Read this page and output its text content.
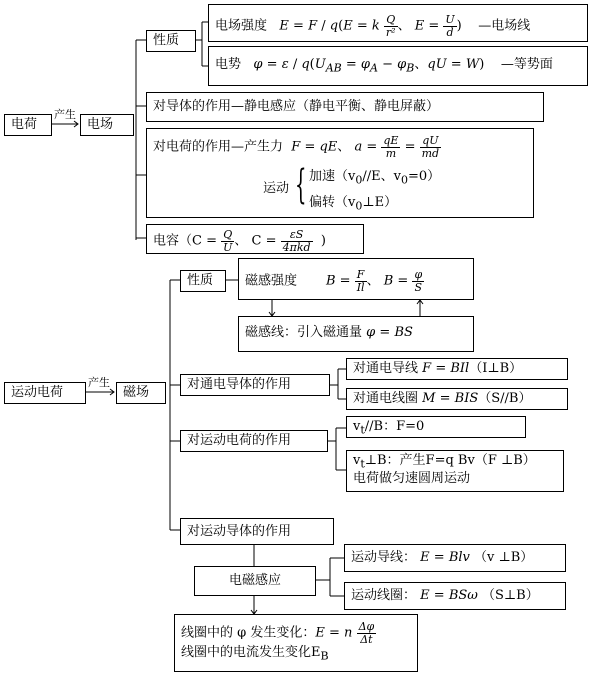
电荷
产生
电场
性质
电场强度 E = F / q(E = k $\frac{Q}{\text{r²}}$ 、 $E = \frac{U}{d}$ )    —电场线
电势 $\varphi = \varepsilon / q(U_{AB} = \varphi_A - \varphi_B$、qU = W)    —等势面
对导体的作用—静电感应（静电平衡、静电屏蔽）
对电荷的作用—产生力 F = qE、 $a = \frac{qE}{m} = \frac{qU}{md}$
运动 { 加速（$v_0//E$、$v_0=0$）
偏转$(v_0\perp E)$
电容（$C = \frac{Q}{U}$ 、 $C = \frac{\varepsilon S}{\text{4πkd}}$ )
运动电荷
产生
磁场
性质	磁感强度 $B = \frac{F}{Il}$ 、 $B = \frac{\varphi}{S}$
磁感线：引入磁通量 φ = BS
对通电导体的作用
对通电导线 F = BIl（I⊥B）
对通电线圈 M = BIS（S//B）
对运动电荷的作用
$v_t//B$：F=0
$v_t\perp B$：产生F=q Bv（F ⊥B）
电荷做匀速圆周运动
对运动导体的作用
电磁感应
运动导线： E = Blv （v ⊥B）
运动线圈： E = BSω （S⊥B）
线圈中的 φ 发生变化：E = n $\frac{\Delta\varphi}{\Delta t}$
线圈中的电流发生变化$E_B$
